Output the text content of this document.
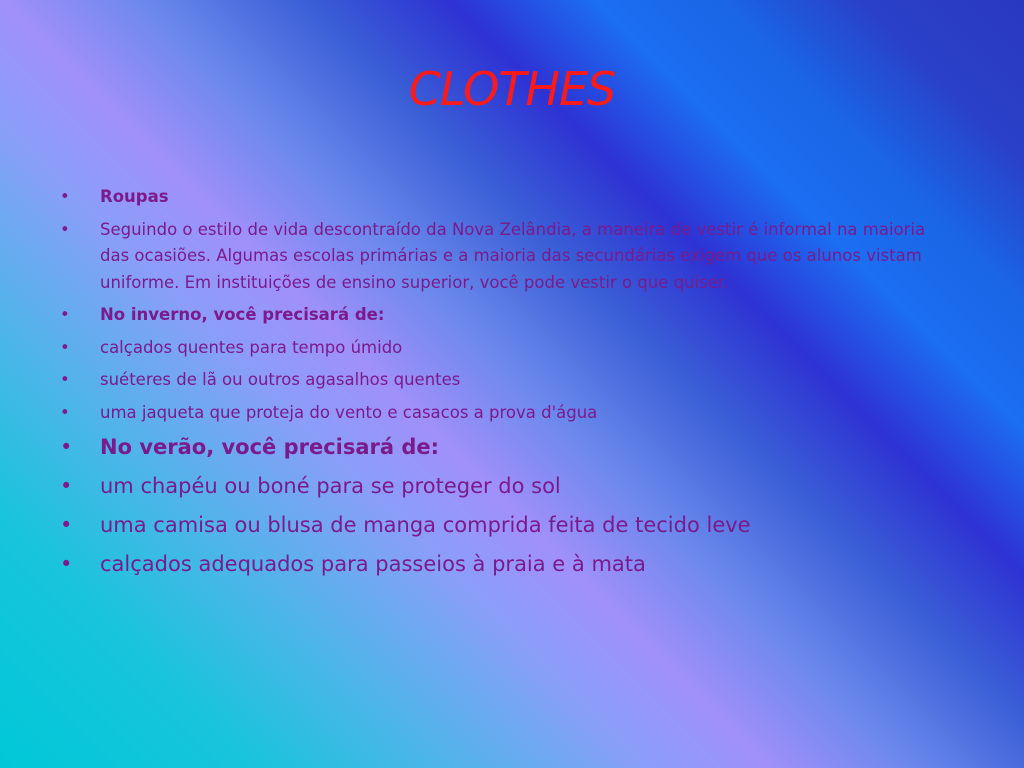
CLOTHES
• Roupas
• Seguindo o estilo de vida descontraído da Nova Zelândia, a maneira de vestir é informal na maioria das ocasiões. Algumas escolas primárias e a maioria das secundárias exigem que os alunos vistam uniforme. Em instituições de ensino superior, você pode vestir o que quiser.
• No inverno, você precisará de:
• calçados quentes para tempo úmido
• suéteres de lã ou outros agasalhos quentes
• uma jaqueta que proteja do vento e casacos a prova d'água
• No verão, você precisará de:
• um chapéu ou boné para se proteger do sol
• uma camisa ou blusa de manga comprida feita de tecido leve
• calçados adequados para passeios à praia e à mata
